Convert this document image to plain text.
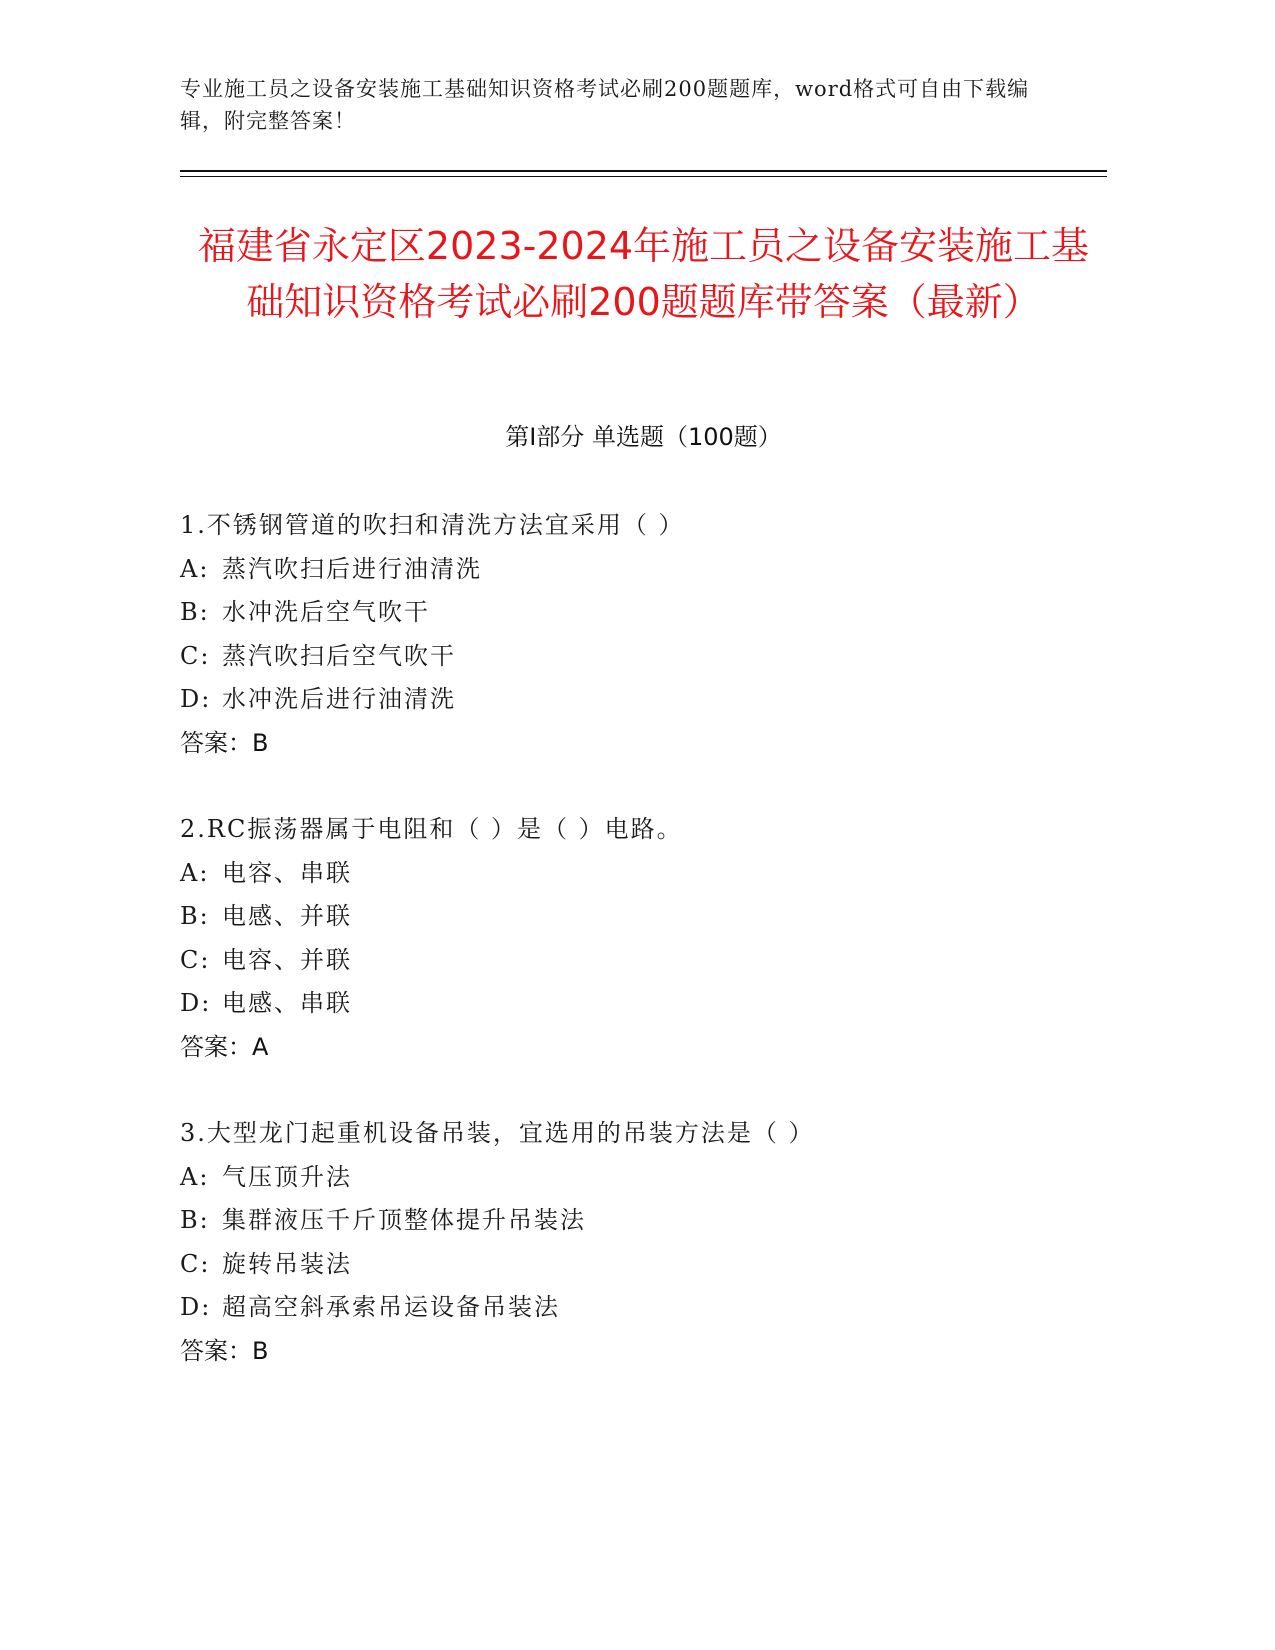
专业施工员之设备安装施工基础知识资格考试必刷200题题库，word格式可自由下载编辑，附完整答案！
福建省永定区2023-2024年施工员之设备安装施工基础知识资格考试必刷200题题库带答案（最新）
第I部分 单选题（100题）
1.不锈钢管道的吹扫和清洗方法宜采用（ ）
A: 蒸汽吹扫后进行油清洗
B: 水冲洗后空气吹干
C: 蒸汽吹扫后空气吹干
D: 水冲洗后进行油清洗
答案：B
2.RC振荡器属于电阻和（ ）是（ ）电路。
A: 电容、串联
B: 电感、并联
C: 电容、并联
D: 电感、串联
答案：A
3.大型龙门起重机设备吊装，宜选用的吊装方法是（ ）
A: 气压顶升法
B: 集群液压千斤顶整体提升吊装法
C: 旋转吊装法
D: 超高空斜承索吊运设备吊装法
答案：B
